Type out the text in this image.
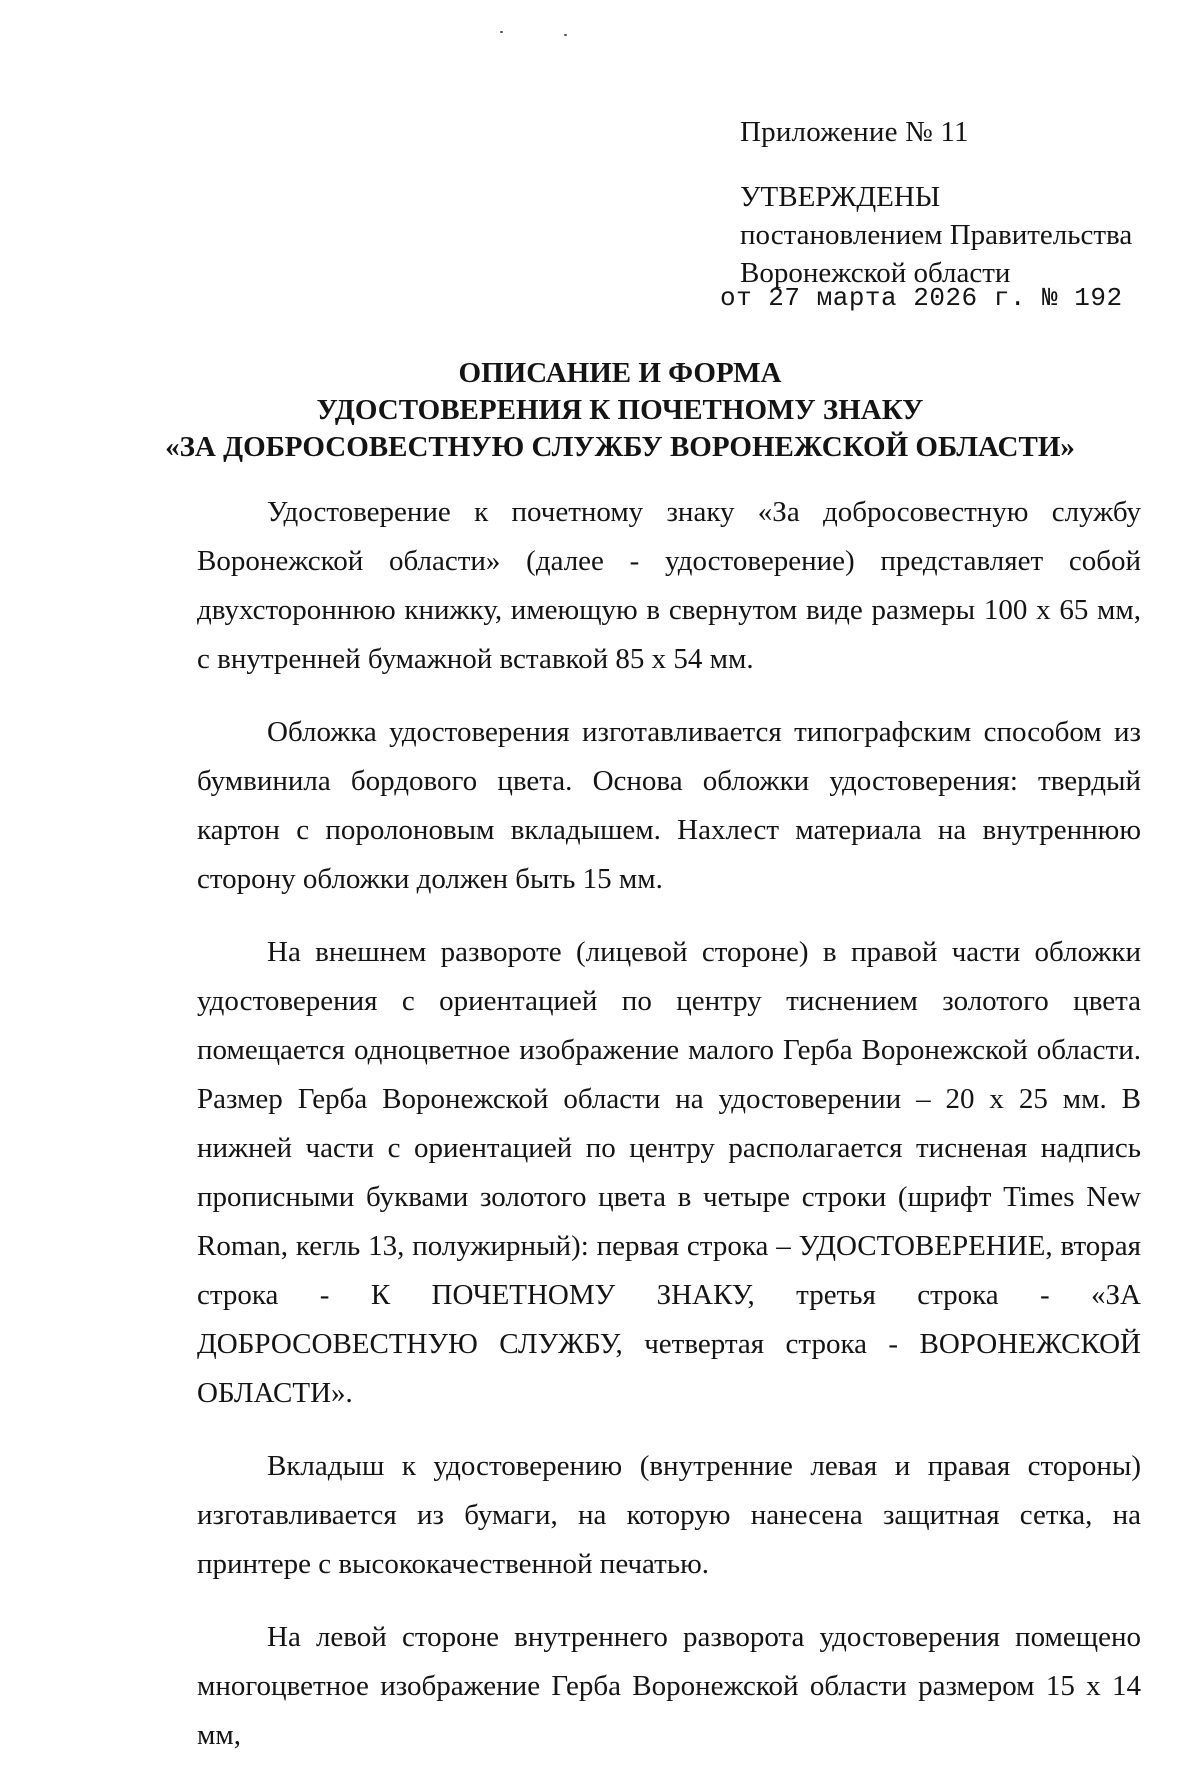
Приложение № 11
УТВЕРЖДЕНЫ
постановлением Правительства
Воронежской области
от 27 марта 2026 г. № 192
ОПИСАНИЕ И ФОРМА
УДОСТОВЕРЕНИЯ К ПОЧЕТНОМУ ЗНАКУ
«ЗА ДОБРОСОВЕСТНУЮ СЛУЖБУ ВОРОНЕЖСКОЙ ОБЛАСТИ»

Удостоверение к почетному знаку «За добросовестную службу Воронежской области» (далее - удостоверение) представляет собой двухстороннюю книжку, имеющую в свернутом виде размеры 100 х 65 мм, с внутренней бумажной вставкой 85 х 54 мм.

Обложка удостоверения изготавливается типографским способом из бумвинила бордового цвета. Основа обложки удостоверения: твердый картон с поролоновым вкладышем. Нахлест материала на внутреннюю сторону обложки должен быть 15 мм.

На внешнем развороте (лицевой стороне) в правой части обложки удостоверения с ориентацией по центру тиснением золотого цвета помещается одноцветное изображение малого Герба Воронежской области. Размер Герба Воронежской области на удостоверении – 20 х 25 мм. В нижней части с ориентацией по центру располагается тисненая надпись прописными буквами золотого цвета в четыре строки (шрифт Times New Roman, кегль 13, полужирный): первая строка – УДОСТОВЕРЕНИЕ, вторая строка - К ПОЧЕТНОМУ ЗНАКУ, третья строка - «ЗА ДОБРОСОВЕСТНУЮ СЛУЖБУ, четвертая строка - ВОРОНЕЖСКОЙ ОБЛАСТИ».

Вкладыш к удостоверению (внутренние левая и правая стороны) изготавливается из бумаги, на которую нанесена защитная сетка, на принтере с высококачественной печатью.

На левой стороне внутреннего разворота удостоверения помещено многоцветное изображение Герба Воронежской области размером 15 х 14 мм,
